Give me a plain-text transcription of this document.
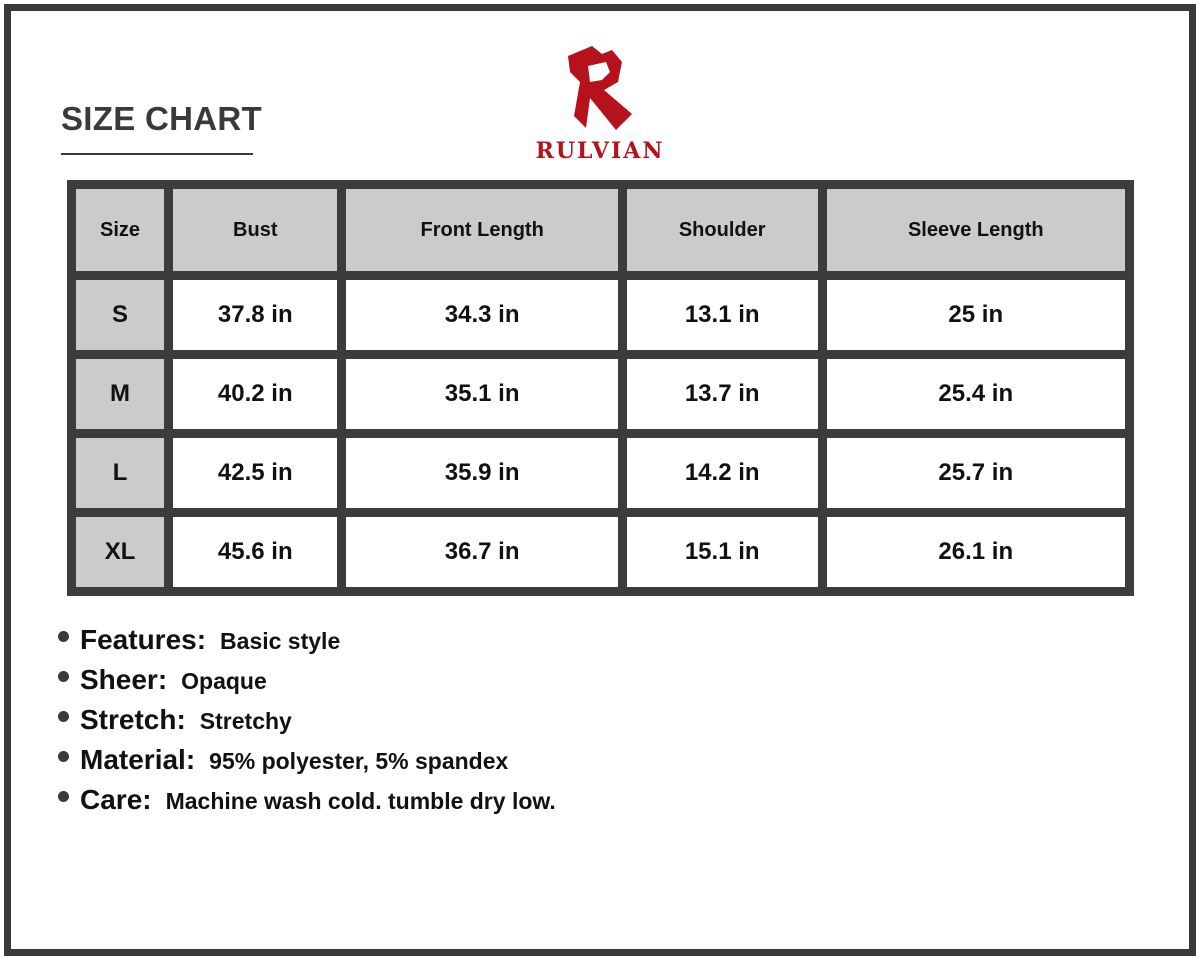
SIZE CHART
RULVIAN
Size	Bust	Front Length	Shoulder	Sleeve Length
S	37.8 in	34.3 in	13.1 in	25 in
M	40.2 in	35.1 in	13.7 in	25.4 in
L	42.5 in	35.9 in	14.2 in	25.7 in
XL	45.6 in	36.7 in	15.1 in	26.1 in
Features: Basic style
Sheer: Opaque
Stretch: Stretchy
Material: 95% polyester, 5% spandex
Care: Machine wash cold. tumble dry low.
